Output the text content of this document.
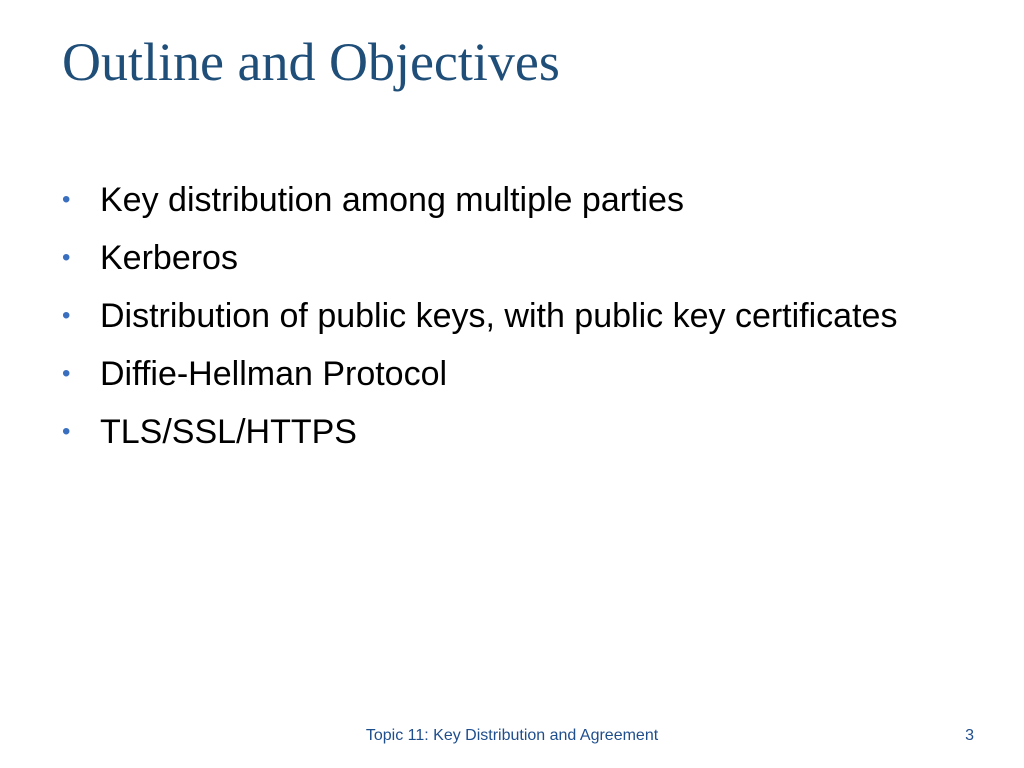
Outline and Objectives
• Key distribution among multiple parties
• Kerberos
• Distribution of public keys, with public key certificates
• Diffie-Hellman Protocol
• TLS/SSL/HTTPS
Topic 11: Key Distribution and Agreement	3
